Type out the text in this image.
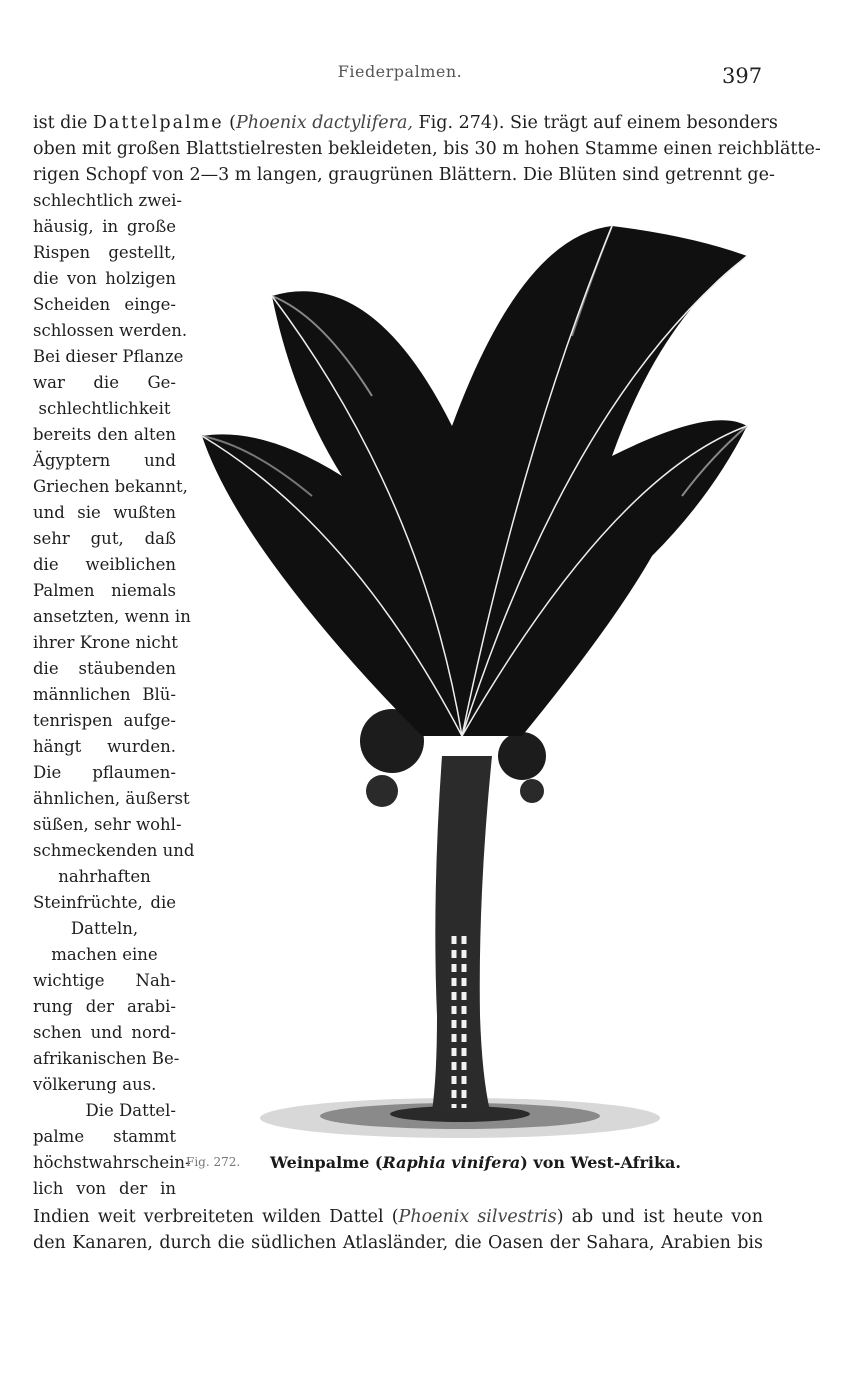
Fiederpalmen.	397
ist die Dattelpalme (Phoenix dactylifera, Fig. 274). Sie trägt auf einem besonders
oben mit großen Blattstielresten bekleideten, bis 30 m hohen Stamme einen reichblätte-
rigen Schopf von 2—3 m langen, graugrünen Blättern. Die Blüten sind getrennt ge-
schlechtlich zwei-
häusig, in große
Rispen gestellt,
die von holzigen
Scheiden einge-
schlossen werden.
Bei dieser Pflanze
war die Ge-
schlechtlichkeit
bereits den alten
Ägyptern und
Griechen bekannt,
und sie wußten
sehr gut, daß
die weiblichen
Palmen niemals
ansetzten, wenn in
ihrer Krone nicht
die stäubenden
männlichen Blü-
tenrispen aufge-
hängt wurden.
Die pflaumen-
ähnlichen, äußerst
süßen, sehr wohl-
schmeckenden und
nahrhaften
Steinfrüchte, die
Datteln,
machen eine
wichtige Nah-
rung der arabi-
schen und nord-
afrikanischen Be-
völkerung aus.
Die Dattel-
palme stammt
höchstwahrschein-
lich von der in
Fig. 272. Weinpalme (Raphia vinifera) von West-Afrika.
Indien weit verbreiteten wilden Dattel (Phoenix silvestris) ab und ist heute von
den Kanaren, durch die südlichen Atlasländer, die Oasen der Sahara, Arabien bis
